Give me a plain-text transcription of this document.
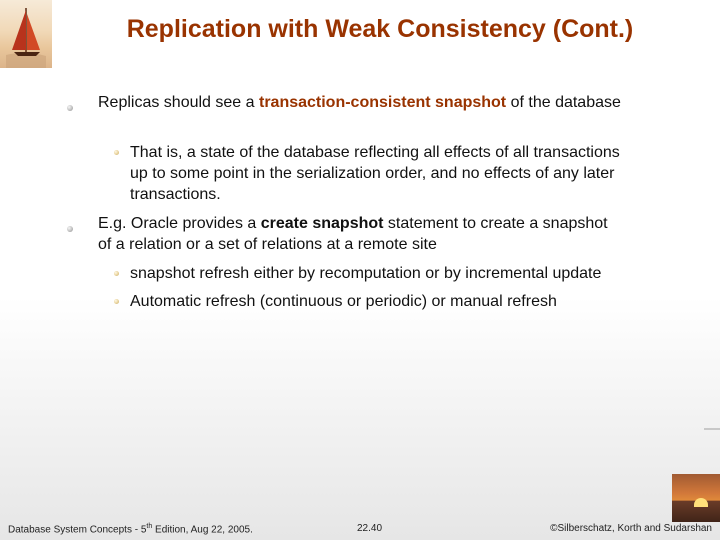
Replication with Weak Consistency (Cont.)
Replicas should see a transaction-consistent snapshot of the database
That is, a state of the database reflecting all effects of all transactions up to some point in the serialization order, and no effects of any later transactions.
E.g. Oracle provides a create snapshot statement to create a snapshot of a relation or a set of relations at a remote site
snapshot refresh either by recomputation or by incremental update
Automatic refresh (continuous or periodic) or manual refresh
Database System Concepts - 5th Edition, Aug 22, 2005.	22.40	©Silberschatz, Korth and Sudarshan
